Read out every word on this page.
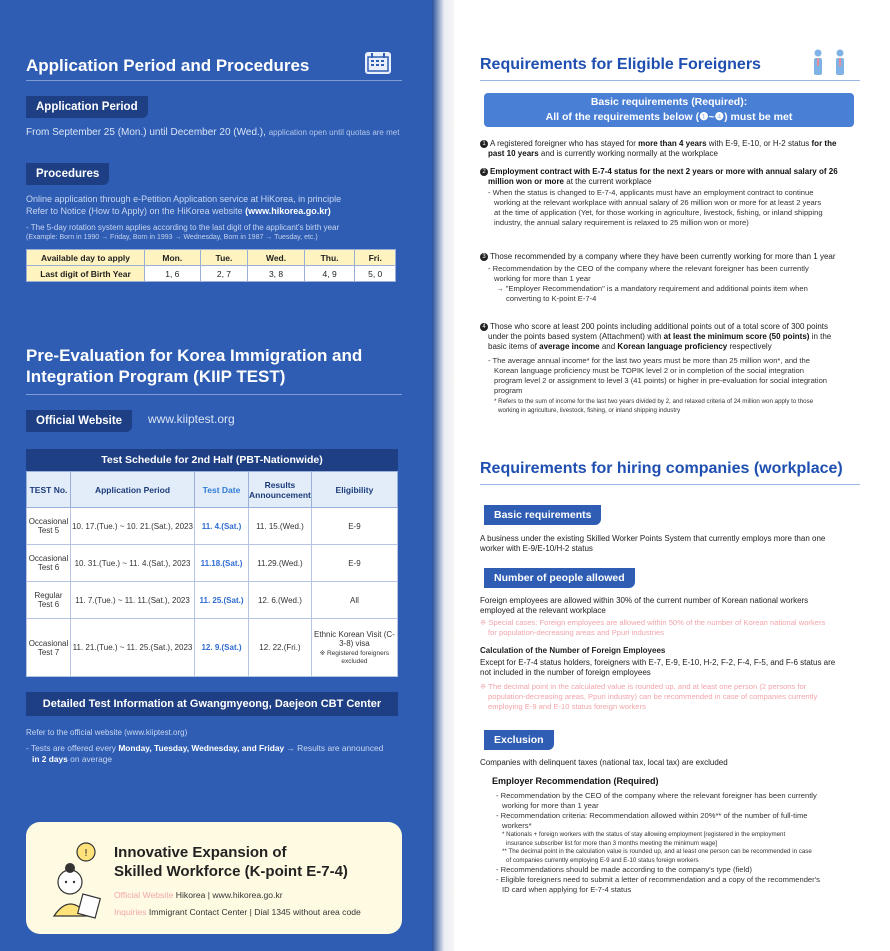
Application Period and Procedures
Application Period
From September 25 (Mon.) until December 20 (Wed.), application open until quotas are met
Procedures
Online application through e-Petition Application service at HiKorea, in principle
Refer to Notice (How to Apply) on the HiKorea website (www.hikorea.go.kr)
- The 5-day rotation system applies according to the last digit of the applicant's birth year
(Example: Born in 1990 → Friday, Born in 1993 → Wednesday, Born in 1987 → Tuesday, etc.)
Available day to apply	Mon.	Tue.	Wed.	Thu.	Fri.
Last digit of Birth Year	1, 6	2, 7	3, 8	4, 9	5, 0
Pre-Evaluation for Korea Immigration and
Integration Program (KIIP TEST)
Official Website	www.kiiptest.org
Test Schedule for 2nd Half (PBT-Nationwide)
TEST No.	Application Period	Test Date	Results Announcement	Eligibility
Occasional Test 5	10. 17.(Tue.) ~ 10. 21.(Sat.), 2023	11. 4.(Sat.)	11. 15.(Wed.)	E-9
Occasional Test 6	10. 31.(Tue.) ~ 11. 4.(Sat.), 2023	11.18.(Sat.)	11.29.(Wed.)	E-9
Regular Test 6	11. 7.(Tue.) ~ 11. 11.(Sat.), 2023	11. 25.(Sat.)	12. 6.(Wed.)	All
Occasional Test 7	11. 21.(Tue.) ~ 11. 25.(Sat.), 2023	12. 9.(Sat.)	12. 22.(Fri.)	Ethnic Korean Visit (C-3-8) visa
※ Registered foreigners excluded
Detailed Test Information at Gwangmyeong, Daejeon CBT Center
Refer to the official website (www.kiiptest.org)
- Tests are offered every Monday, Tuesday, Wednesday, and Friday → Results are announced
in 2 days on average
! Innovative Expansion of
Skilled Workforce (K-point E-7-4)
Official Website Hikorea | www.hikorea.go.kr
Inquiries Immigrant Contact Center | Dial 1345 without area code
Requirements for Eligible Foreigners
Basic requirements (Required):
All of the requirements below (❶~❹) must be met
1 A registered foreigner who has stayed for more than 4 years with E-9, E-10, or H-2 status for the
past 10 years and is currently working normally at the workplace
2 Employment contract with E-7-4 status for the next 2 years or more with annual salary of 26
million won or more at the current workplace
- When the status is changed to E-7-4, applicants must have an employment contract to continue
working at the relevant workplace with annual salary of 26 million won or more for at least 2 years
at the time of application (Yet, for those working in agriculture, livestock, fishing, or inland shipping
industry, the annual salary requirement is relaxed to 25 million won or more)
3 Those recommended by a company where they have been currently working for more than 1 year
- Recommendation by the CEO of the company where the relevant foreigner has been currently
working for more than 1 year
→ "Employer Recommendation" is a mandatory requirement and additional points item when
converting to K-point E-7-4
4 Those who score at least 200 points including additional points out of a total score of 300 points
under the points based system (Attachment) with at least the minimum score (50 points) in the
basic items of average income and Korean language proficiency respectively
- The average annual income* for the last two years must be more than 25 million won*, and the
Korean language proficiency must be TOPIK level 2 or in completion of the social integration
program level 2 or assignment to level 3 (41 points) or higher in pre-evaluation for social integration
program
* Refers to the sum of income for the last two years divided by 2, and relaxed criteria of 24 million won apply to those
working in agriculture, livestock, fishing, or inland shipping industry
Requirements for hiring companies (workplace)
Basic requirements
A business under the existing Skilled Worker Points System that currently employs more than one
worker with E-9/E-10/H-2 status
Number of people allowed
Foreign employees are allowed within 30% of the current number of Korean national workers
employed at the relevant workplace
※ Special cases: Foreign employees are allowed within 50% of the number of Korean national workers
for population-decreasing areas and Ppuri industries
Calculation of the Number of Foreign Employees
Except for E-7-4 status holders, foreigners with E-7, E-9, E-10, H-2, F-2, F-4, F-5, and F-6 status are
not included in the number of foreign employees
※ The decimal point in the calculated value is rounded up, and at least one person (2 persons for
population-decreasing areas, Ppuri industry) can be recommended in case of companies currently
employing E-9 and E-10 status foreign workers
Exclusion
Companies with delinquent taxes (national tax, local tax) are excluded
Employer Recommendation (Required)
- Recommendation by the CEO of the company where the relevant foreigner has been currently
working for more than 1 year
- Recommendation criteria: Recommendation allowed within 20%** of the number of full-time
workers*
* Nationals + foreign workers with the status of stay allowing employment [registered in the employment
insurance subscriber list for more than 3 months meeting the minimum wage]
** The decimal point in the calculation value is rounded up, and at least one person can be recommended in case
of companies currently employing E-9 and E-10 status foreign workers
- Recommendations should be made according to the company's type (field)
- Eligible foreigners need to submit a letter of recommendation and a copy of the recommender's
ID card when applying for E-7-4 status
